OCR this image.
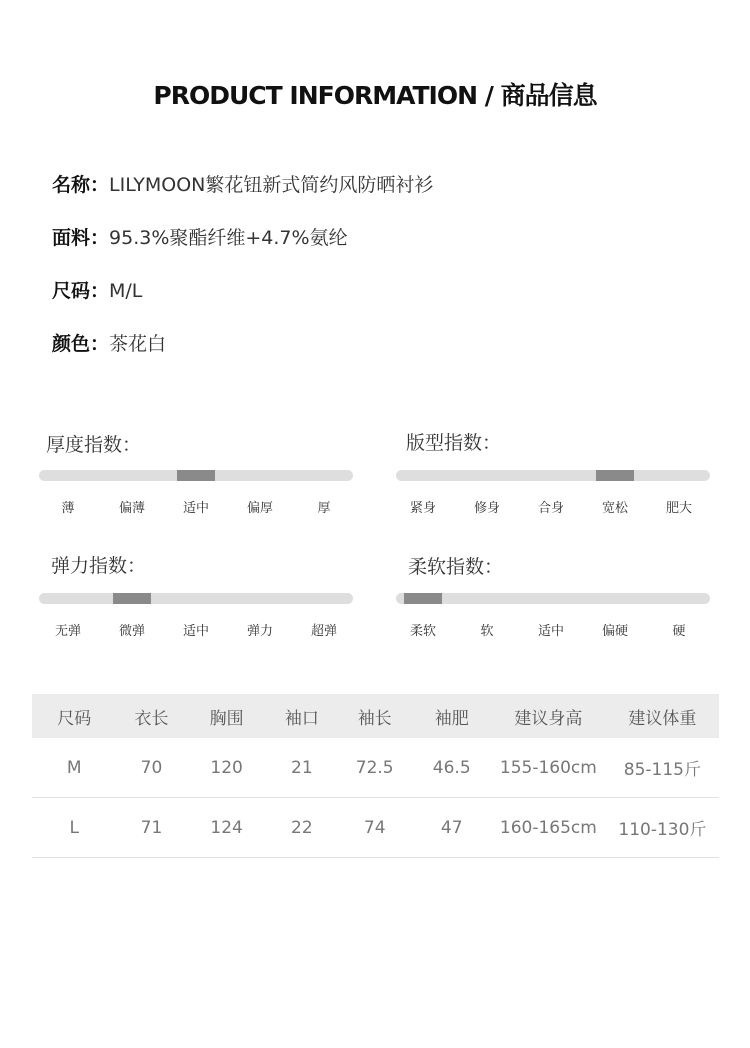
PRODUCT INFORMATION / 商品信息
名称：LILYMOON繁花钮新式简约风防晒衬衫
面料：95.3%聚酯纤维+4.7%氨纶
尺码：M/L
颜色：茶花白
厚度指数：
薄	偏薄	适中	偏厚	厚
版型指数：
紧身	修身	合身	宽松	肥大
弹力指数：
无弹	微弹	适中	弹力	超弹
柔软指数：
柔软	软	适中	偏硬	硬
尺码	衣长	胸围	袖口	袖长	袖肥	建议身高	建议体重
M	70	120	21	72.5	46.5	155-160cm	85-115斤
L	71	124	22	74	47	160-165cm	110-130斤
